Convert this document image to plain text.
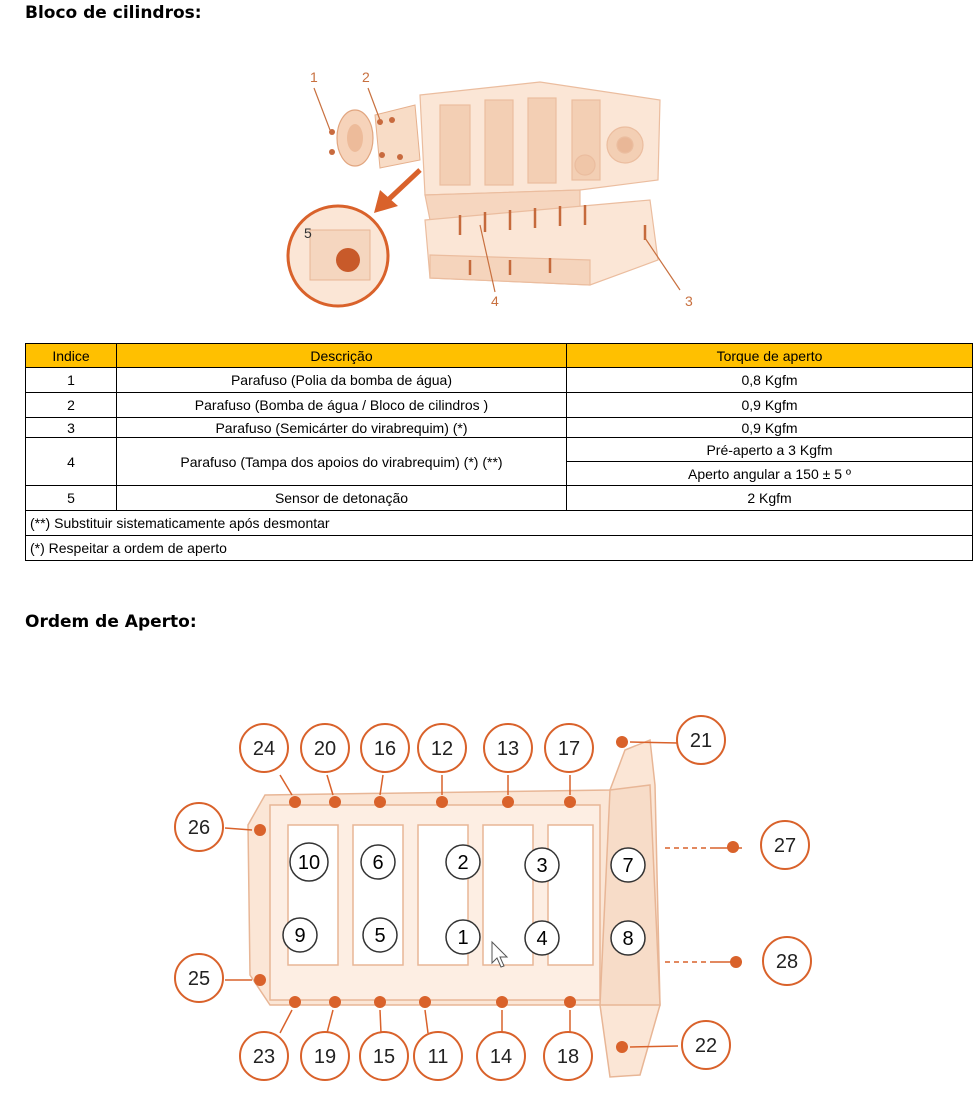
Bloco de cilindros:
1	2
3
4
5
Indice	Descrição	Torque de aperto
1	Parafuso (Polia da bomba de água)	0,8 Kgfm
2	Parafuso (Bomba de água / Bloco de cilindros )	0,9 Kgfm
3	Parafuso (Semicárter do virabrequim) (*)	0,9 Kgfm
4	Parafuso (Tampa dos apoios do virabrequim) (*) (**)	Pré-aperto a 3 Kgfm
		Aperto angular a 150 ± 5 º
5	Sensor de detonação	2 Kgfm
(**) Substituir sistematicamente após desmontar		
(*) Respeitar a ordem de aperto		
Ordem de Aperto:
10	6	2	3	7
9	5	1	4	8
24 20 16 12 13 17	21
23 19 15 11 14 18	22
26
25
27
28
